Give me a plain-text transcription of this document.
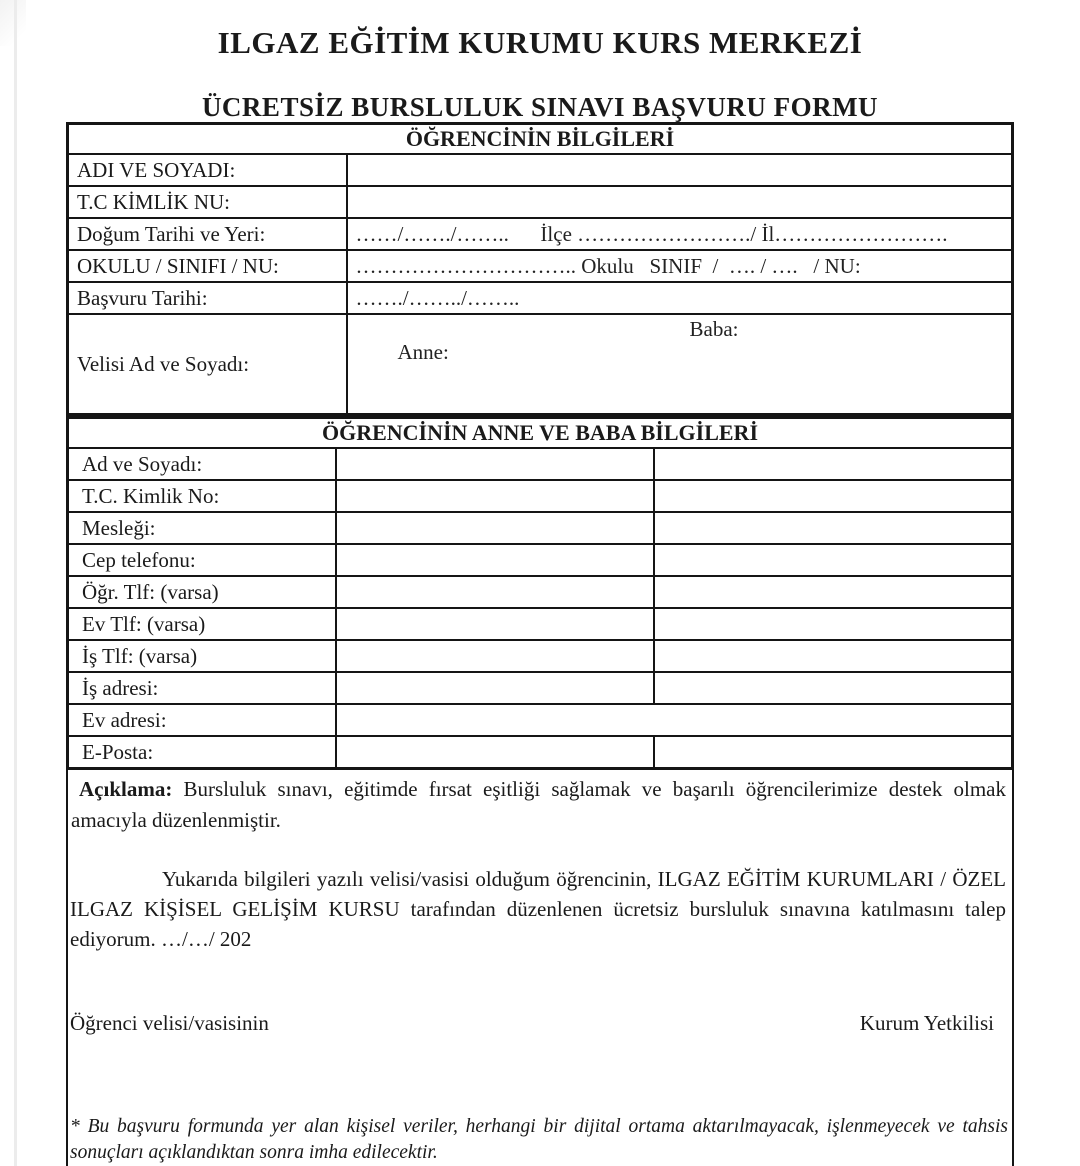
ILGAZ EĞİTİM KURUMU KURS MERKEZİ
ÜCRETSİZ BURSLULUK SINAVI BAŞVURU FORMU
ÖĞRENCİNİN BİLGİLERİ	
ADI VE SOYADI:	
T.C KİMLİK NU:	
Doğum Tarihi ve Yeri:	……/……./……..      İlçe ……………………./ İl…………………….
OKULU / SINIFI / NU:	………………………….. Okulu   SINIF  /  …. / ….   / NU:
Başvuru Tarihi:	……./……../……..
Velisi Ad ve Soyadı:	Anne:

Baba:

ÖĞRENCİNİN ANNE VE BABA BİLGİLERİ		
Ad ve Soyadı:		
T.C. Kimlik No:		
Mesleği:		
Cep telefonu:		
Öğr. Tlf: (varsa)		
Ev Tlf: (varsa)		
İş Tlf: (varsa)		
İş adresi:		
Ev adresi:		
E-Posta:		

Açıklama: Bursluluk sınavı, eğitimde fırsat eşitliği sağlamak ve başarılı öğrencilerimize destek olmak amacıyla düzenlenmiştir.

Yukarıda bilgileri yazılı velisi/vasisi olduğum öğrencinin, ILGAZ EĞİTİM KURUMLARI / ÖZEL ILGAZ KİŞİSEL GELİŞİM KURSU tarafından düzenlenen ücretsiz bursluluk sınavına katılmasını talep ediyorum. …/…/ 202

Öğrenci velisi/vasisinin	Kurum Yetkilisi

* Bu başvuru formunda yer alan kişisel veriler, herhangi bir dijital ortama aktarılmayacak, işlenmeyecek ve tahsis sonuçları açıklandıktan sonra imha edilecektir.
